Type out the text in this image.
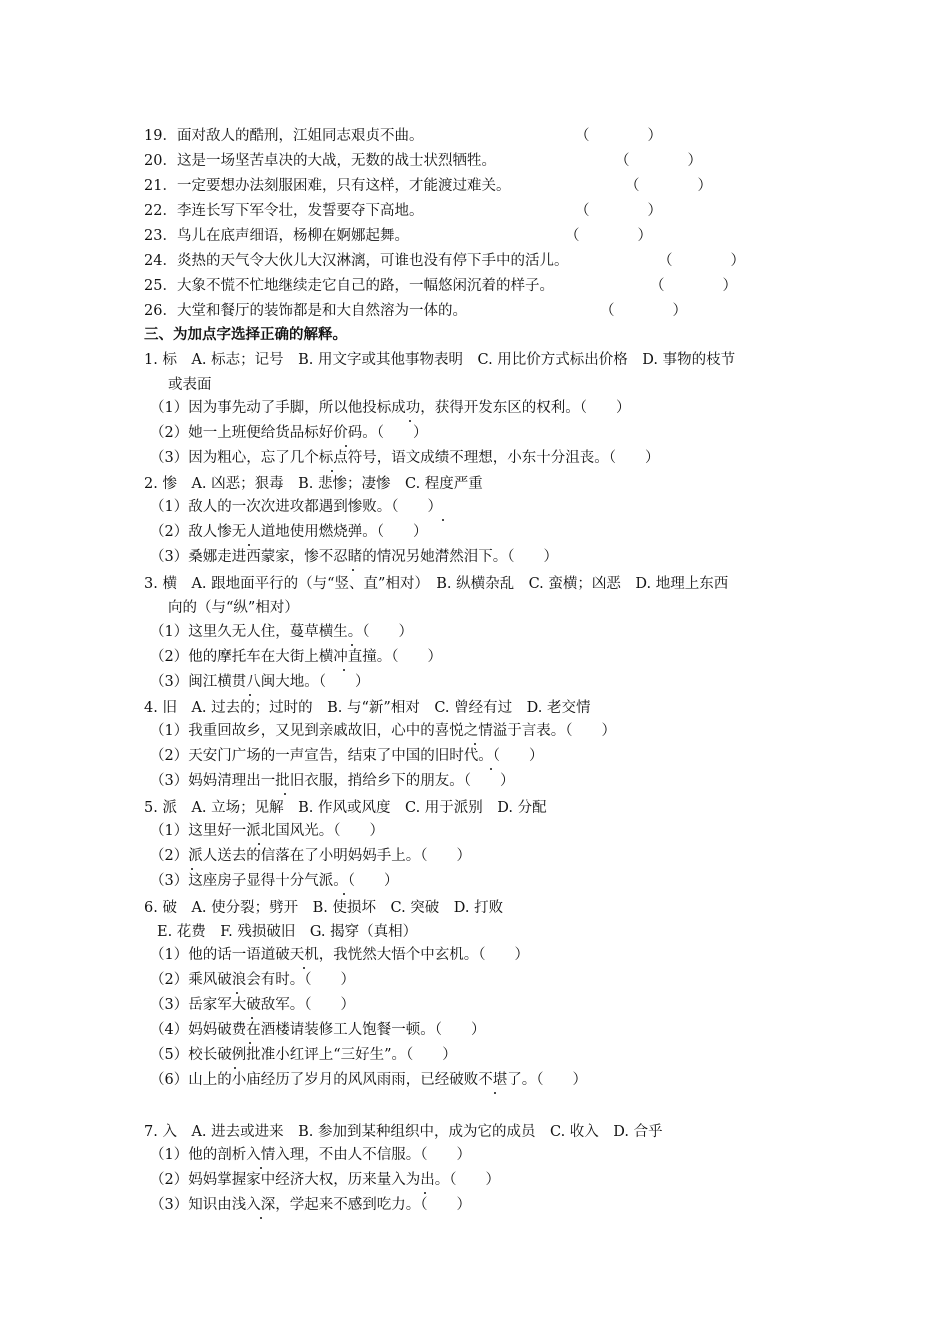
19．面对敌人的酷刑，江姐同志艰贞不曲。	（　　　　）
20．这是一场坚苦卓决的大战，无数的战士状烈牺牲。	（　　　　）
21．一定要想办法刻服困难，只有这样，才能渡过难关。	（　　　　）
22．李连长写下军令壮，发誓要夺下高地。	（　　　　）
23．鸟儿在底声细语，杨柳在婀娜起舞。	（　　　　）
24．炎热的天气令大伙儿大汉淋漓，可谁也没有停下手中的活儿。	（　　　　）
25．大象不慌不忙地继续走它自己的路，一幅悠闲沉着的样子。	（　　　　）
26．大堂和餐厅的装饰都是和大自然溶为一体的。	（　　　　）
三、为加点字选择正确的解释。
1. 标　A. 标志；记号　B. 用文字或其他事物表明　C. 用比价方式标出价格　D. 事物的枝节
或表面
（1）因为事先动了手脚，所以他投标成功，获得开发东区的权利。（　　）
（2）她一上班便给货品标好价码。（　　）
（3）因为粗心，忘了几个标点符号，语文成绩不理想，小东十分沮丧。（　　）
2. 惨　A. 凶恶；狠毒　B. 悲惨；凄惨　C. 程度严重
（1）敌人的一次次进攻都遇到惨败。（　　）
（2）敌人惨无人道地使用燃烧弹。（　　）
（3）桑娜走进西蒙家，惨不忍睹的情况另她潸然泪下。（　　）
3. 横　A. 跟地面平行的（与“竖、直”相对）　B. 纵横杂乱　C. 蛮横；凶恶　D. 地理上东西
向的（与“纵”相对）
（1）这里久无人住，蔓草横生。（　　）
（2）他的摩托车在大街上横冲直撞。（　　）
（3）闽江横贯八闽大地。（　　）
4. 旧　A. 过去的；过时的　B. 与“新”相对　C. 曾经有过　D. 老交情
（1）我重回故乡，又见到亲戚故旧，心中的喜悦之情溢于言表。（　　）
（2）天安门广场的一声宣告，结束了中国的旧时代。（　　）
（3）妈妈清理出一批旧衣服，捎给乡下的朋友。（　　）
5. 派　A. 立场；见解　B. 作风或风度　C. 用于派别　D. 分配
（1）这里好一派北国风光。（　　）
（2）派人送去的信落在了小明妈妈手上。（　　）
（3）这座房子显得十分气派。（　　）
6. 破　A. 使分裂；劈开　B. 使损坏　C. 突破　D. 打败
E. 花费　F. 残损破旧　G. 揭穿（真相）
（1）他的话一语道破天机，我恍然大悟个中玄机。（　　）
（2）乘风破浪会有时。（　　）
（3）岳家军大破敌军。（　　）
（4）妈妈破费在酒楼请装修工人饱餐一顿。（　　）
（5）校长破例批准小红评上“三好生”。（　　）
（6）山上的小庙经历了岁月的风风雨雨，已经破败不堪了。（　　）
7. 入　A. 进去或进来　B. 参加到某种组织中，成为它的成员　C. 收入　D. 合乎
（1）他的剖析入情入理，不由人不信服。（　　）
（2）妈妈掌握家中经济大权，历来量入为出。（　　）
（3）知识由浅入深，学起来不感到吃力。（　　）
